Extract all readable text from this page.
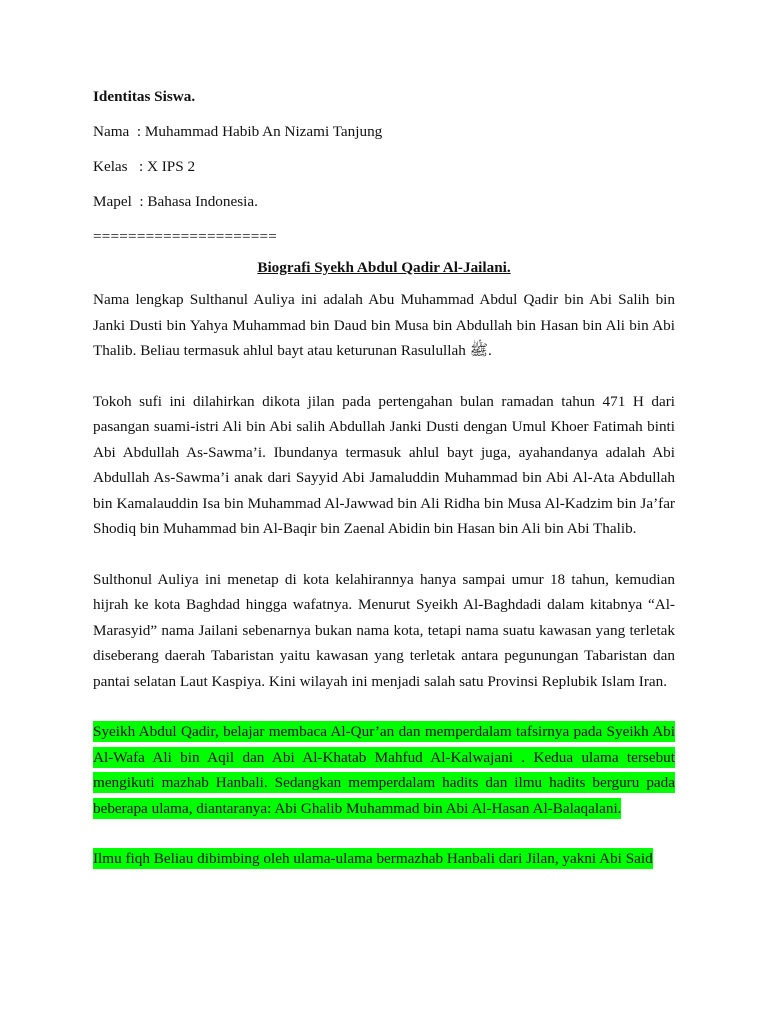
Identitas Siswa.

Nama  : Muhammad Habib An Nizami Tanjung

Kelas   : X IPS 2

Mapel  : Bahasa Indonesia.

=====================

Biografi Syekh Abdul Qadir Al-Jailani.

Nama lengkap Sulthanul Auliya ini adalah Abu Muhammad Abdul Qadir bin Abi Salih bin Janki Dusti bin Yahya Muhammad bin Daud bin Musa bin Abdullah bin Hasan bin Ali bin Abi Thalib. Beliau termasuk ahlul bayt atau keturunan Rasulullah ﷺ.

Tokoh sufi ini dilahirkan dikota jilan pada pertengahan bulan ramadan tahun 471 H dari pasangan suami-istri Ali bin Abi salih Abdullah Janki Dusti dengan Umul Khoer Fatimah binti Abi Abdullah As-Sawma’i. Ibundanya termasuk ahlul bayt juga, ayahandanya adalah Abi Abdullah As-Sawma’i anak dari Sayyid Abi Jamaluddin Muhammad bin Abi Al-Ata Abdullah bin Kamalauddin Isa bin Muhammad Al-Jawwad bin Ali Ridha bin Musa Al-Kadzim bin Ja’far Shodiq bin Muhammad bin Al-Baqir bin Zaenal Abidin bin Hasan bin Ali bin Abi Thalib.

Sulthonul Auliya ini menetap di kota kelahirannya hanya sampai umur 18 tahun, kemudian hijrah ke kota Baghdad hingga wafatnya. Menurut Syeikh Al-Baghdadi dalam kitabnya “Al-Marasyid” nama Jailani sebenarnya bukan nama kota, tetapi nama suatu kawasan yang terletak diseberang daerah Tabaristan yaitu kawasan yang terletak antara pegunungan Tabaristan dan pantai selatan Laut Kaspiya. Kini wilayah ini menjadi salah satu Provinsi Replubik Islam Iran.

Syeikh Abdul Qadir, belajar membaca Al-Qur’an dan memperdalam tafsirnya pada Syeikh Abi Al-Wafa Ali bin Aqil dan Abi Al-Khatab Mahfud Al-Kalwajani . Kedua ulama tersebut mengikuti mazhab Hanbali. Sedangkan memperdalam hadits dan ilmu hadits berguru pada beberapa ulama, diantaranya: Abi Ghalib Muhammad bin Abi Al-Hasan Al-Balaqalani.

Ilmu fiqh Beliau dibimbing oleh ulama-ulama bermazhab Hanbali dari Jilan, yakni Abi Said
